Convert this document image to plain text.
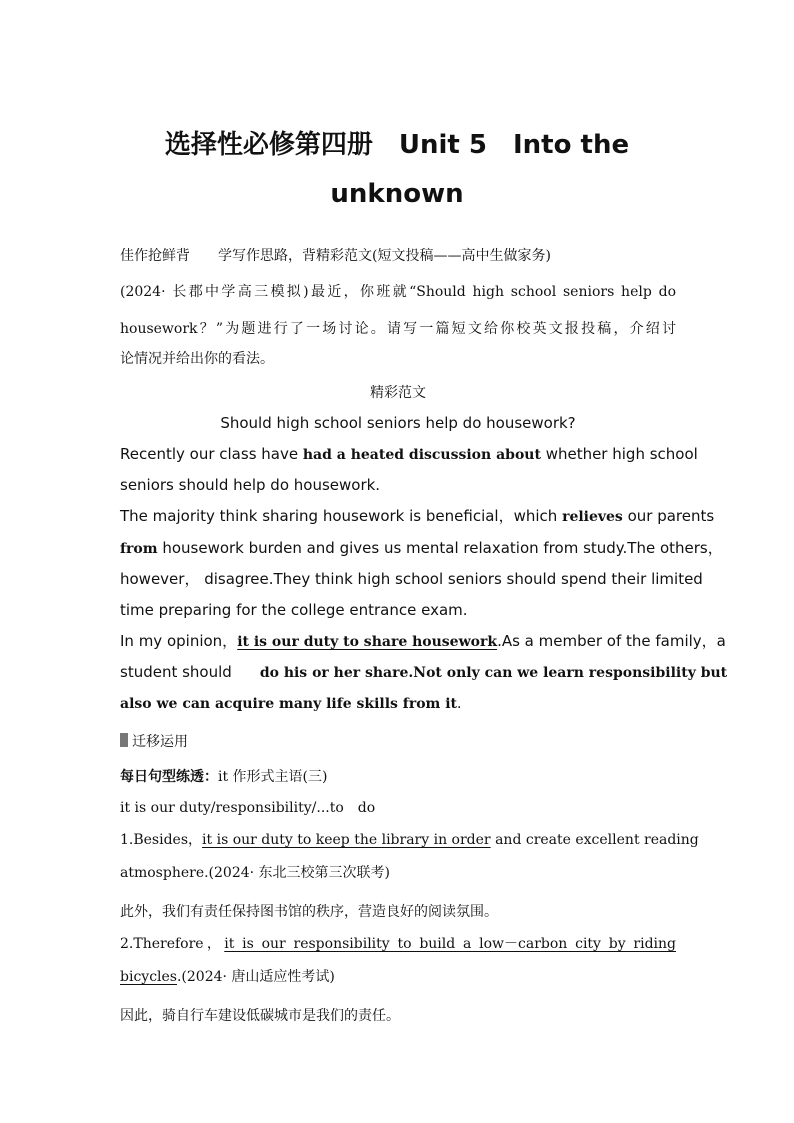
选择性必修第四册　Unit 5　Into the
unknown
佳作抢鲜背 学写作思路，背精彩范文(短文投稿——高中生做家务)
(2024· 长郡中学高三模拟)最近，你班就“Should high school seniors help do
housework？”为题进行了一场讨论。请写一篇短文给你校英文报投稿，介绍讨
论情况并给出你的看法。
精彩范文
Should high school seniors help do housework?
Recently our class have had a heated discussion about whether high school
seniors should help do housework.
The majority think sharing housework is beneficial，which relieves our parents
from housework burden and gives us mental relaxation from study.The others，
however， disagree.They think high school seniors should spend their limited
time preparing for the college entrance exam.
In my opinion，it is our duty to share housework.As a member of the family，a
student should do his or her share.Not only can we learn responsibility but
also we can acquire many life skills from it.
迁移运用
每日句型练透：it 作形式主语(三)
it is our duty/responsibility/...to　do
1.Besides，it is our duty to keep the library in order and create excellent reading
atmosphere.(2024· 东北三校第三次联考)
此外，我们有责任保持图书馆的秩序，营造良好的阅读氛围。
2.Therefore，it is our responsibility to build a low－carbon city by riding
bicycles.(2024· 唐山适应性考试)
因此，骑自行车建设低碳城市是我们的责任。
